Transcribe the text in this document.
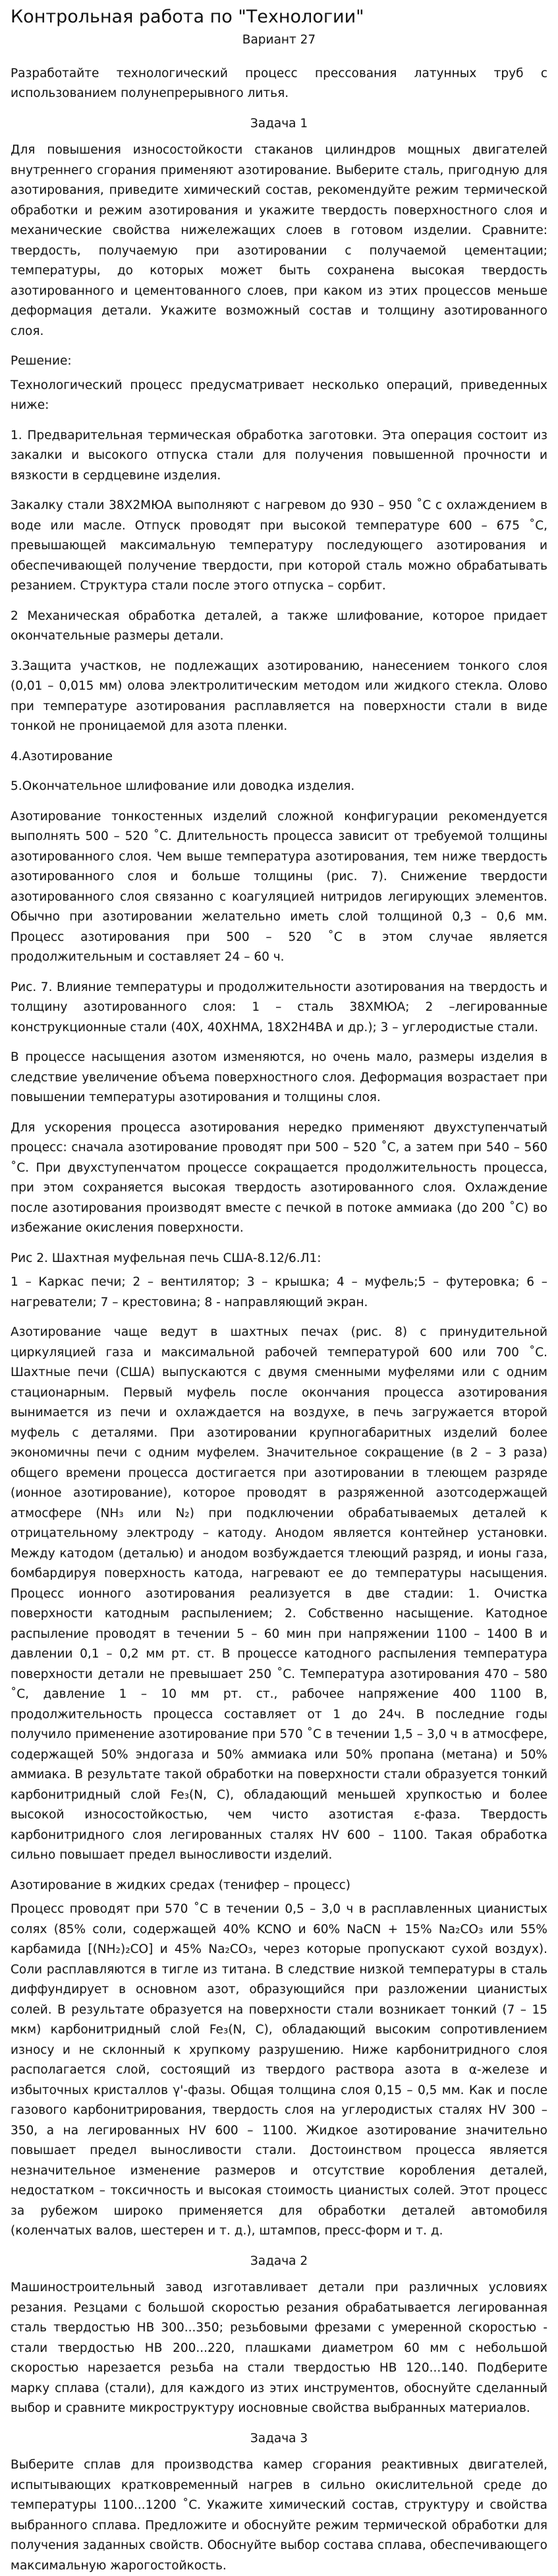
Контрольная работа по "Технологии"
Вариант 27

Разработайте технологический процесс прессования латунных труб с использованием полунепрерывного литья.

Задача 1

Для повышения износостойкости стаканов цилиндров мощных двигателей внутреннего сгорания применяют азотирование. Выберите сталь, пригодную для азотирования, приведите химический состав, рекомендуйте режим термической обработки и режим азотирования и укажите твердость поверхностного слоя и механические свойства нижележащих слоев в готовом изделии. Сравните: твердость, получаемую при азотировании с получаемой цементации; температуры, до которых может быть сохранена высокая твердость азотированного и цементованного слоев, при каком из этих процессов меньше деформация детали. Укажите возможный состав и толщину азотированного слоя.

Решение:

Технологический процесс предусматривает несколько операций, приведенных ниже:

1. Предварительная термическая обработка заготовки. Эта операция состоит из закалки и высокого отпуска стали для получения повышенной прочности и вязкости в сердцевине изделия.

Закалку стали 38Х2МЮА выполняют с нагревом до 930 – 950 ˚С с охлаждением в воде или масле. Отпуск проводят при высокой температуре 600 – 675 ˚С, превышающей максимальную температуру последующего азотирования и обеспечивающей получение твердости, при которой сталь можно обрабатывать резанием. Структура стали после этого отпуска – сорбит.

2 Механическая обработка деталей, а также шлифование, которое придает окончательные размеры детали.

3.Защита участков, не подлежащих азотированию, нанесением тонкого слоя (0,01 – 0,015 мм) олова электролитическим методом или жидкого стекла. Олово при температуре азотирования расплавляется на поверхности стали в виде тонкой не проницаемой для азота пленки.

4.Азотирование

5.Окончательное шлифование или доводка изделия.

Азотирование тонкостенных изделий сложной конфигурации рекомендуется выполнять 500 – 520 ˚С. Длительность процесса зависит от требуемой толщины азотированного слоя. Чем выше температура азотирования, тем ниже твердость азотированного слоя и больше толщины (рис. 7). Снижение твердости азотированного слоя связанно с коагуляцией нитридов легирующих элементов. Обычно при азотировании желательно иметь слой толщиной 0,3 – 0,6 мм. Процесс азотирования при 500 – 520 ˚С в этом случае является продолжительным и составляет 24 – 60 ч.

Рис. 7. Влияние температуры и продолжительности азотирования на твердость и толщину азотированного слоя: 1 – сталь 38ХМЮА; 2 –легированные конструкционные стали (40Х, 40ХНМА, 18Х2Н4ВА и др.); 3 – углеродистые стали.

В процессе насыщения азотом изменяются, но очень мало, размеры изделия в следствие увеличение объема поверхностного слоя. Деформация возрастает при повышении температуры азотирования и толщины слоя.

Для ускорения процесса азотирования нередко применяют двухступенчатый процесс: сначала азотирование проводят при 500 – 520 ˚С, а затем при 540 – 560 ˚С. При двухступенчатом процессе сокращается продолжительность процесса, при этом сохраняется высокая твердость азотированного слоя. Охлаждение после азотирования производят вместе с печкой в потоке аммиака (до 200 ˚С) во избежание окисления поверхности.

Рис 2. Шахтная муфельная печь США-8.12/6.Л1:

1 – Каркас печи; 2 – вентилятор; 3 – крышка; 4 – муфель;5 – футеровка; 6 – нагреватели; 7 – крестовина; 8 - направляющий экран.

Азотирование чаще ведут в шахтных печах (рис. 8) с принудительной циркуляцией газа и максимальной рабочей температурой 600 или 700 ˚С. Шахтные печи (США) выпускаются с двумя сменными муфелями или с одним стационарным. Первый муфель после окончания процесса азотирования вынимается из печи и охлаждается на воздухе, в печь загружается второй муфель с деталями. При азотировании крупногабаритных изделий более экономичны печи с одним муфелем. Значительное сокращение (в 2 – 3 раза) общего времени процесса достигается при азотировании в тлеющем разряде (ионное азотирование), которое проводят в разряженной азотсодержащей атмосфере (NH₃ или N₂) при подключении обрабатываемых деталей к отрицательному электроду – катоду. Анодом является контейнер установки. Между катодом (деталью) и анодом возбуждается тлеющий разряд, и ионы газа, бомбардируя поверхность катода, нагревают ее до температуры насыщения. Процесс ионного азотирования реализуется в две стадии: 1. Очистка поверхности катодным распылением; 2. Собственно насыщение. Катодное распыление проводят в течении 5 – 60 мин при напряжении 1100 – 1400 В и давлении 0,1 – 0,2 мм рт. ст. В процессе катодного распыления температура поверхности детали не превышает 250 ˚С. Температура азотирования 470 – 580 ˚С, давление 1 – 10 мм рт. ст., рабочее напряжение 400 1100 В, продолжительность процесса составляет от 1 до 24ч. В последние годы получило применение азотирование при 570 ˚С в течении 1,5 – 3,0 ч в атмосфере, содержащей 50% эндогаза и 50% аммиака или 50% пропана (метана) и 50% аммиака. В результате такой обработки на поверхности стали образуется тонкий карбонитридный слой Fe₃(N, C), обладающий меньшей хрупкостью и более высокой износостойкостью, чем чисто азотистая ε-фаза. Твердость карбонитридного слоя легированных сталях HV 600 – 1100. Такая обработка сильно повышает предел выносливости изделий.

Азотирование в жидких средах (тенифер – процесс)

Процесс проводят при 570 ˚С в течении 0,5 – 3,0 ч в расплавленных цианистых солях (85% соли, содержащей 40% KCNO и 60% NaCN + 15% Na₂CO₃ или 55% карбамида [(NH₂)₂CO] и 45% Na₂CO₃, через которые пропускают сухой воздух). Соли расплавляются в тигле из титана. В следствие низкой температуры в сталь диффундирует в основном азот, образующийся при разложении цианистых солей. В результате образуется на поверхности стали возникает тонкий (7 – 15 мкм) карбонитридный слой Fe₃(N, C), обладающий высоким сопротивлением износу и не склонный к хрупкому разрушению. Ниже карбонитридного слоя располагается слой, состоящий из твердого раствора азота в α-железе и избыточных кристаллов γ'-фазы. Общая толщина слоя 0,15 – 0,5 мм. Как и после газового карбонитрирования, твердость слоя на углеродистых сталях HV 300 – 350, а на легированных HV 600 – 1100. Жидкое азотирование значительно повышает предел выносливости стали. Достоинством процесса является незначительное изменение размеров и отсутствие коробления деталей, недостатком – токсичность и высокая стоимость цианистых солей. Этот процесс за рубежом широко применяется для обработки деталей автомобиля (коленчатых валов, шестерен и т. д.), штампов, пресс-форм и т. д.

Задача 2

Машиностроительный завод изготавливает детали при различных условиях резания. Резцами с большой скоростью резания обрабатывается легированная сталь твердостью НВ 300...350; резьбовыми фрезами с умеренной скоростью - стали твердостью НВ 200...220, плашками диаметром 60 мм с небольшой скоростью нарезается резьба на стали твердостью НВ 120...140. Подберите марку сплава (стали), для каждого из этих инструментов, обоснуйте сделанный выбор и сравните микроструктуру иосновные свойства выбранных материалов.

Задача 3

Выберите сплав для производства камер сгорания реактивных двигателей, испытывающих кратковременный нагрев в сильно окислительной среде до температуры 1100...1200 ˚С. Укажите химический состав, структуру и свойства выбранного сплава. Предложите и обоснуйте режим термической обработки для получения заданных свойств. Обоснуйте выбор состава сплава, обеспечивающего максимальную жарогостойкость.
